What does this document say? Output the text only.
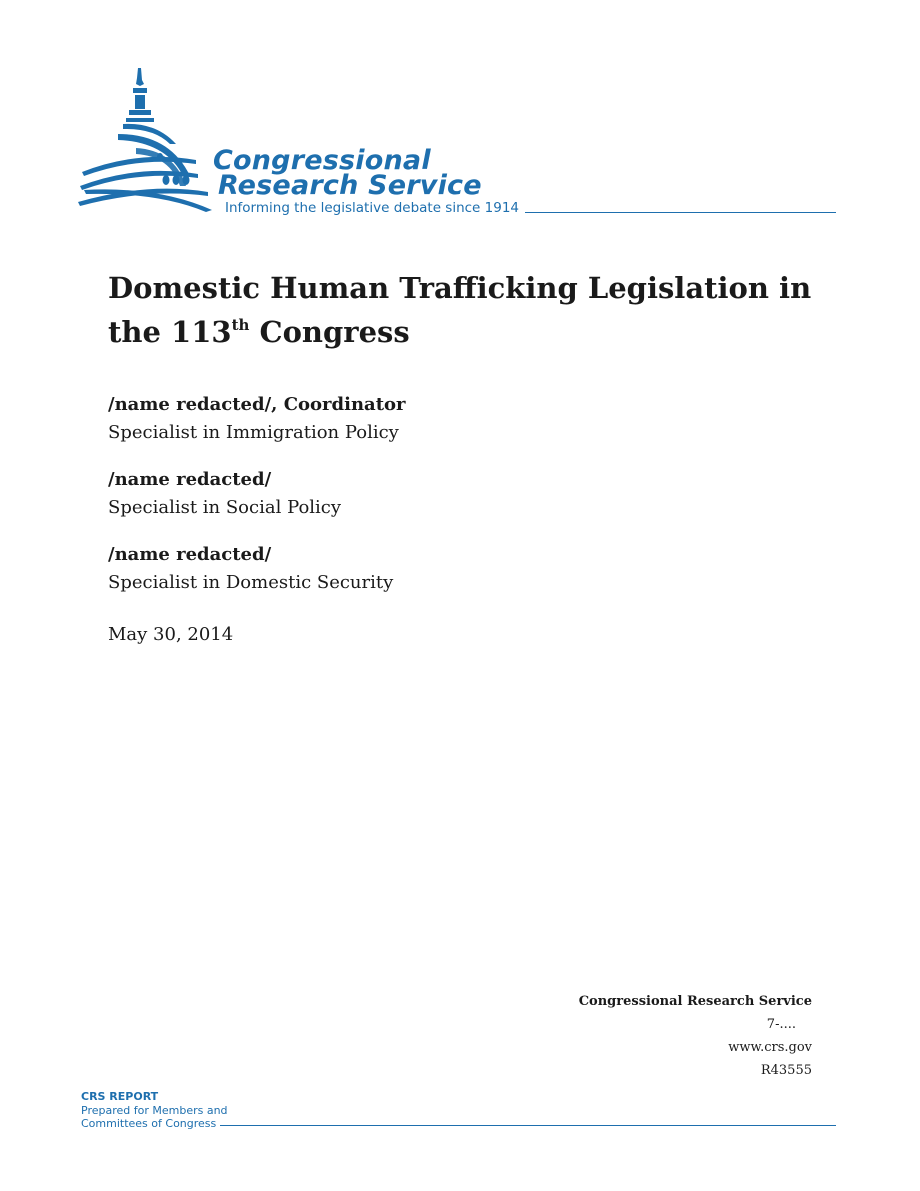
Congressional
Research Service
Informing the legislative debate since 1914
Domestic Human Trafficking Legislation in
the 113th Congress
/name redacted/, Coordinator
Specialist in Immigration Policy
/name redacted/
Specialist in Social Policy
/name redacted/
Specialist in Domestic Security
May 30, 2014
Congressional Research Service
7-....
www.crs.gov
R43555
CRS REPORT
Prepared for Members and
Committees of Congress
